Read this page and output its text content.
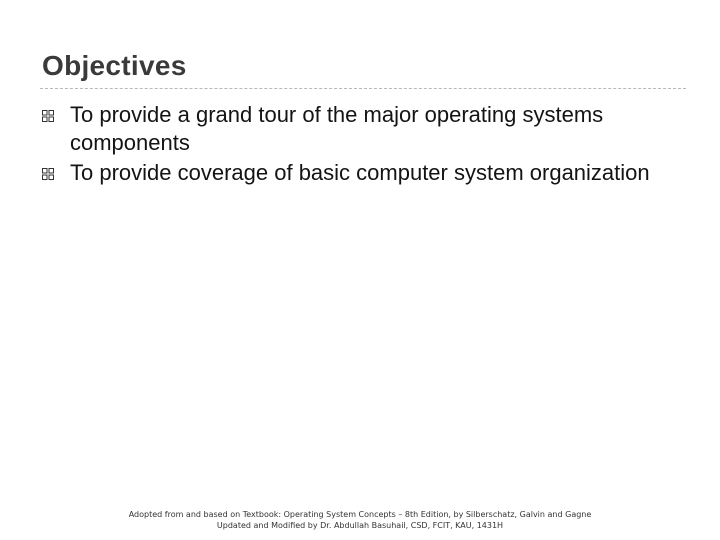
Objectives
To provide a grand tour of the major operating systems components
To provide coverage of basic computer system organization
Adopted from and based on Textbook: Operating System Concepts – 8th Edition, by Silberschatz, Galvin and Gagne
Updated and Modified by Dr. Abdullah Basuhail, CSD, FCIT, KAU, 1431H
